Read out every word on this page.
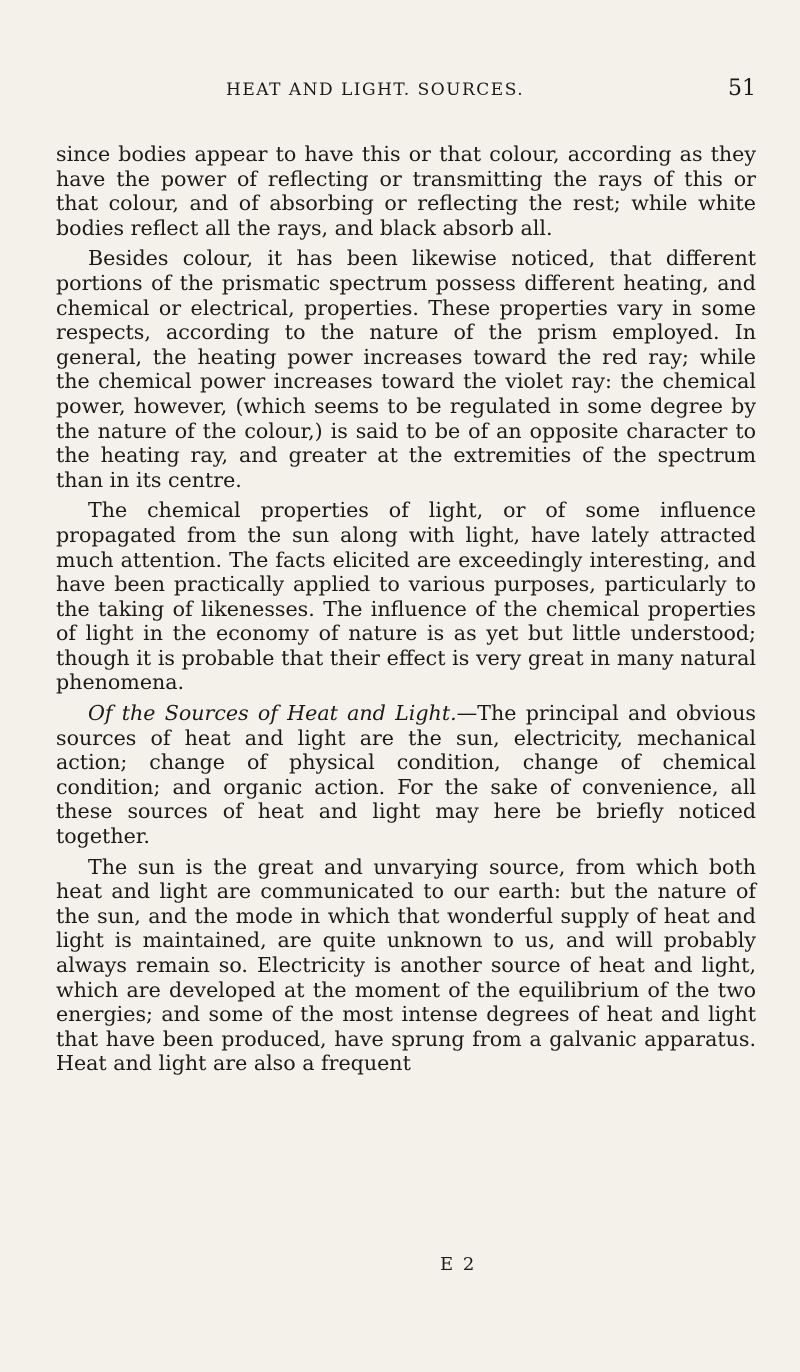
HEAT AND LIGHT. SOURCES.	51

since bodies appear to have this or that colour, according as they have the power of reflecting or transmitting the rays of this or that colour, and of absorbing or reflecting the rest; while white bodies reflect all the rays, and black absorb all.

Besides colour, it has been likewise noticed, that different portions of the prismatic spectrum possess different heating, and chemical or electrical, properties. These properties vary in some respects, according to the nature of the prism employed. In general, the heating power increases toward the red ray; while the chemical power increases toward the violet ray: the chemical power, however, (which seems to be regulated in some degree by the nature of the colour,) is said to be of an opposite character to the heating ray, and greater at the extremities of the spectrum than in its centre.

The chemical properties of light, or of some influence propagated from the sun along with light, have lately attracted much attention. The facts elicited are exceedingly interesting, and have been practically applied to various purposes, particularly to the taking of likenesses. The influence of the chemical properties of light in the economy of nature is as yet but little understood; though it is probable that their effect is very great in many natural phenomena.

Of the Sources of Heat and Light.—The principal and obvious sources of heat and light are the sun, electricity, mechanical action; change of physical condition, change of chemical condition; and organic action. For the sake of convenience, all these sources of heat and light may here be briefly noticed together.

The sun is the great and unvarying source, from which both heat and light are communicated to our earth: but the nature of the sun, and the mode in which that wonderful supply of heat and light is maintained, are quite unknown to us, and will probably always remain so. Electricity is another source of heat and light, which are developed at the moment of the equilibrium of the two energies; and some of the most intense degrees of heat and light that have been produced, have sprung from a galvanic apparatus. Heat and light are also a frequent

E 2
